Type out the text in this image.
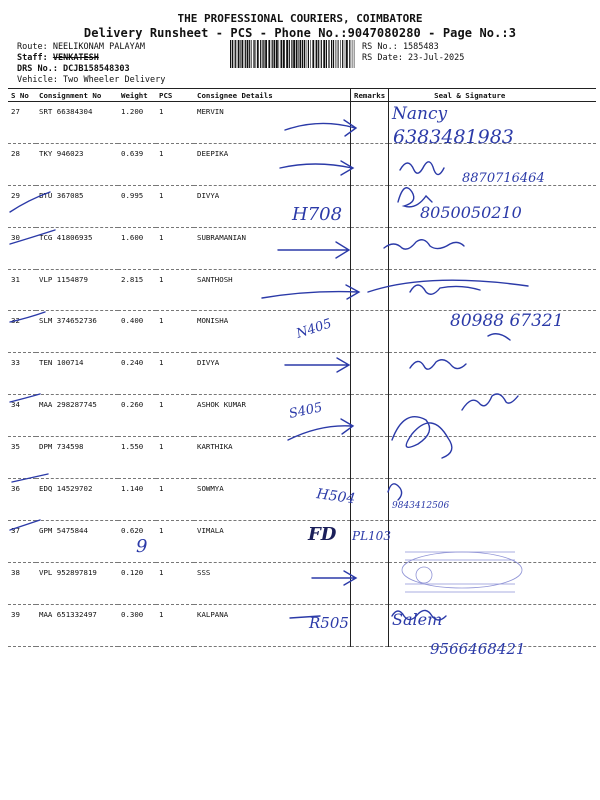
THE PROFESSIONAL COURIERS, COIMBATORE
Delivery Runsheet - PCS - Phone No.:9047080280 - Page No.:3
Route: NEELIKONAM PALAYAM
Staff: VENKATESH
DRS No.: DCJB158548303
Vehicle: Two Wheeler Delivery
RS No.: 1585483
RS Date: 23-Jul-2025
S No	Consignment No	Weight	PCS	Consignee Details	Remarks	Seal & Signature
27	SRT 66384304	1.200	1	MERVIN		
28	TKY 946023	0.639	1	DEEPIKA		
29	BTU 367085	0.995	1	DIVYA		
30	TCG 41806935	1.600	1	SUBRAMANIAN		
31	VLP 1154879	2.815	1	SANTHOSH		
32	SLM 374652736	0.400	1	MONISHA		
33	TEN 100714	0.240	1	DIVYA		
34	MAA 298287745	0.260	1	ASHOK KUMAR		
35	DPM 734598	1.550	1	KARTHIKA		
36	EDQ 14529702	1.140	1	SOWMYA		
37	GPM 5475844	0.620	1	VIMALA		
38	VPL 952897819	0.120	1	SSS		
39	MAA 651332497	0.300	1	KALPANA		
Nancy
6383481983
8870716464
H708	8050050210
N405	80988 67321
S405
H504	9843412506
FD PL103
9
R505	Salem
9566468421
